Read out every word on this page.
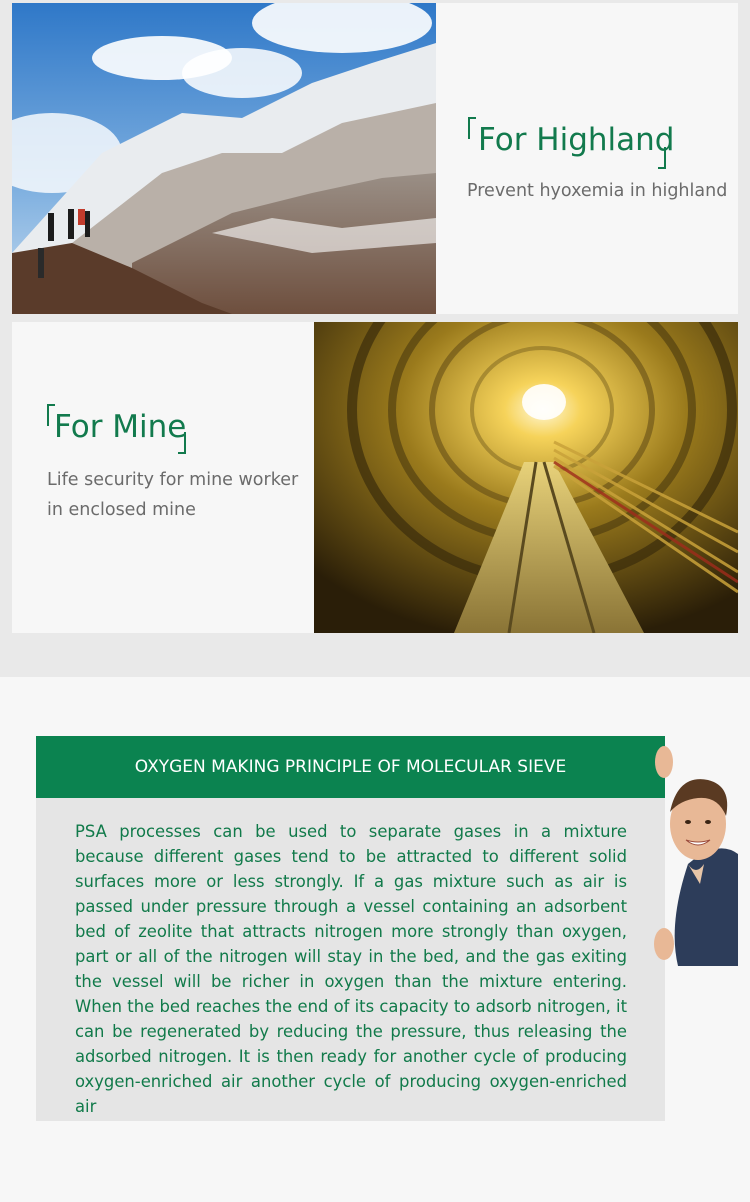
For Highland
Prevent hyoxemia in highland
For Mine
Life security for mine worker
in enclosed mine
OXYGEN MAKING PRINCIPLE OF MOLECULAR SIEVE
PSA processes can be used to separate gases in a mixture because different gases tend to be attracted to different solid surfaces more or less strongly. If a gas mixture such as air is passed under pressure through a vessel containing an adsorbent bed of zeolite that attracts nitrogen more strongly than oxygen, part or all of the nitrogen will stay in the bed, and the gas exiting the vessel will be richer in oxygen than the mixture entering. When the bed reaches the end of its capacity to adsorb nitrogen, it can be regenerated by reducing the pressure, thus releasing the adsorbed nitrogen. It is then ready for another cycle of producing oxygen-enriched air another cycle of producing oxygen-enriched air
